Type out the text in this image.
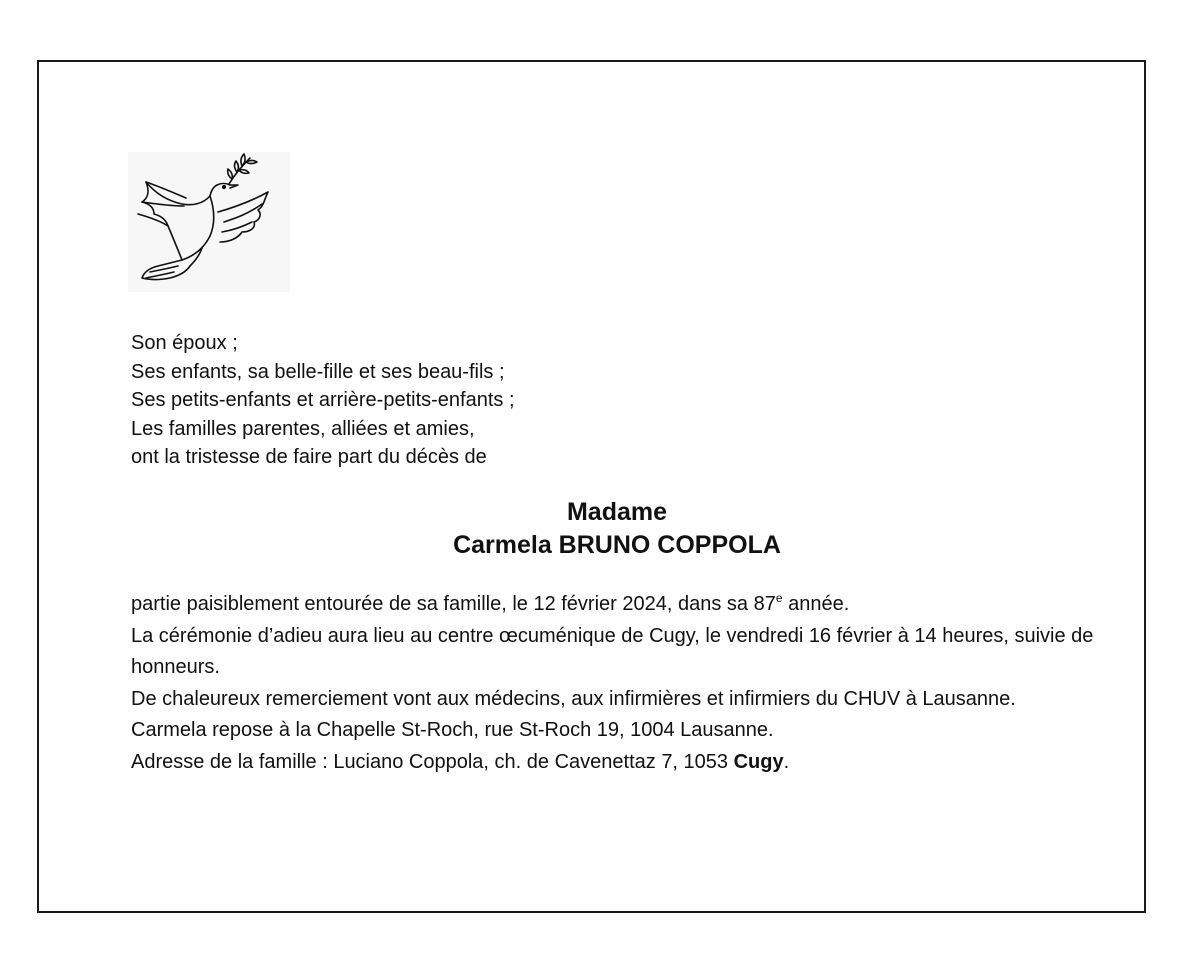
Son époux ;
Ses enfants, sa belle-fille et ses beau-fils ;
Ses petits-enfants et arrière-petits-enfants ;
Les familles parentes, alliées et amies,
ont la tristesse de faire part du décès de
Madame
Carmela BRUNO COPPOLA

partie paisiblement entourée de sa famille, le 12 février 2024, dans sa 87e année.

La cérémonie d’adieu aura lieu au centre œcuménique de Cugy, le vendredi 16 février à 14 heures, suivie de honneurs.

De chaleureux remerciement vont aux médecins, aux infirmières et infirmiers du CHUV à Lausanne.

Carmela repose à la Chapelle St-Roch, rue St-Roch 19, 1004 Lausanne.

Adresse de la famille : Luciano Coppola, ch. de Cavenettaz 7, 1053 Cugy.
